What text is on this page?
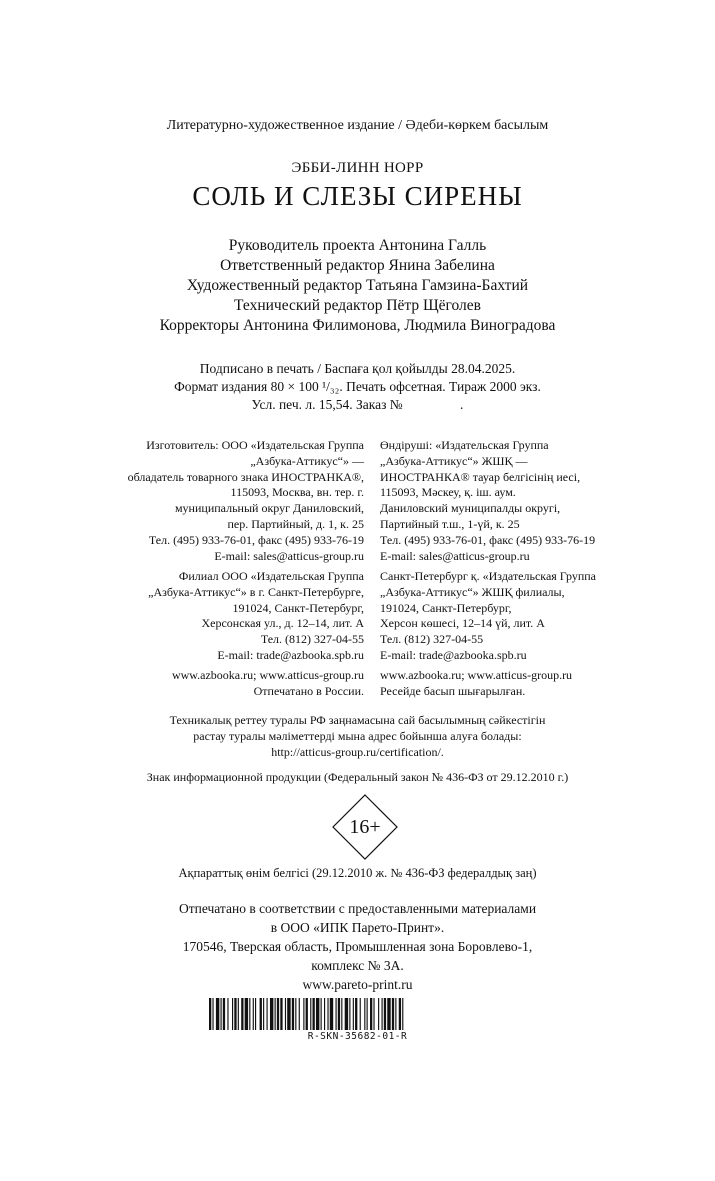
Литературно-художественное издание / Әдеби-көркем басылым
ЭББИ-ЛИНН НОРР
СОЛЬ И СЛЕЗЫ СИРЕНЫ
Руководитель проекта Антонина Галль
Ответственный редактор Янина Забелина
Художественный редактор Татьяна Гамзина-Бахтий
Технический редактор Пётр Щёголев
Корректоры Антонина Филимонова, Людмила Виноградова
Подписано в печать / Баспаға қол қойылды 28.04.2025.
Формат издания 80 × 100 ¹/₃₂. Печать офсетная. Тираж 2000 экз.
Усл. печ. л. 15,54. Заказ №                 .
Изготовитель: ООО «Издательская Группа
„Азбука-Аттикус“» —
обладатель товарного знака ИНОСТРАНКА®,
115093, Москва, вн. тер. г.
муниципальный округ Даниловский,
пер. Партийный, д. 1, к. 25
Тел. (495) 933-76-01, факс (495) 933-76-19
E-mail: sales@atticus-group.ru
Өндіруші: «Издательская Группа
„Азбука-Аттикус“» ЖШҚ —
ИНОСТРАНКА® тауар белгісінің иесі,
115093, Мәскеу, қ. іш. аум.
Даниловский муниципалды округі,
Партийный т.ш., 1-үй, к. 25
Тел. (495) 933-76-01, факс (495) 933-76-19
E-mail: sales@atticus-group.ru
Филиал ООО «Издательская Группа
„Азбука-Аттикус“» в г. Санкт-Петербурге,
191024, Санкт-Петербург,
Херсонская ул., д. 12–14, лит. А
Тел. (812) 327-04-55
E-mail: trade@azbooka.spb.ru
Санкт-Петербург қ. «Издательская Группа
„Азбука-Аттикус“» ЖШҚ филиалы,
191024, Санкт-Петербург,
Херсон көшесі, 12–14 үй, лит. А
Тел. (812) 327-04-55
E-mail: trade@azbooka.spb.ru
www.azbooka.ru; www.atticus-group.ru
Отпечатано в России.
www.azbooka.ru; www.atticus-group.ru
Ресейде басып шығарылған.
Техникалық реттеу туралы РФ заңнамасына сай басылымның сәйкестігін
растау туралы мәліметтерді мына адрес бойынша алуға болады:
http://atticus-group.ru/certification/.
Знак информационной продукции (Федеральный закон № 436-ФЗ от 29.12.2010 г.)
16+
Ақпараттық өнім белгісі (29.12.2010 ж. № 436-ФЗ федералдық заң)
Отпечатано в соответствии с предоставленными материалами
в ООО «ИПК Парето-Принт».
170546, Тверская область, Промышленная зона Боровлево-1,
комплекс № 3А.
www.pareto-print.ru
R-SKN-35682-01-R
